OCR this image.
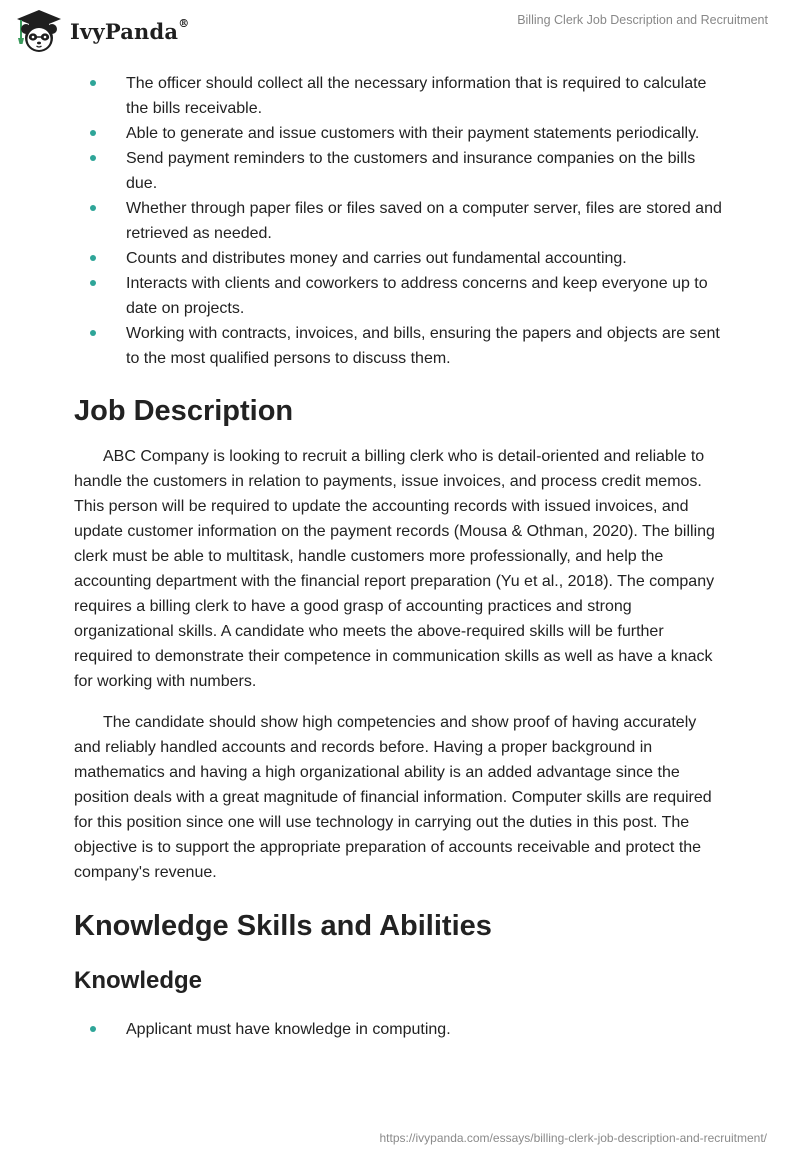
IvyPanda®	Billing Clerk Job Description and Recruitment
The officer should collect all the necessary information that is required to calculate the bills receivable.
Able to generate and issue customers with their payment statements periodically.
Send payment reminders to the customers and insurance companies on the bills due.
Whether through paper files or files saved on a computer server, files are stored and retrieved as needed.
Counts and distributes money and carries out fundamental accounting.
Interacts with clients and coworkers to address concerns and keep everyone up to date on projects.
Working with contracts, invoices, and bills, ensuring the papers and objects are sent to the most qualified persons to discuss them.
Job Description

ABC Company is looking to recruit a billing clerk who is detail-oriented and reliable to handle the customers in relation to payments, issue invoices, and process credit memos. This person will be required to update the accounting records with issued invoices, and update customer information on the payment records (Mousa & Othman, 2020). The billing clerk must be able to multitask, handle customers more professionally, and help the accounting department with the financial report preparation (Yu et al., 2018). The company requires a billing clerk to have a good grasp of accounting practices and strong organizational skills. A candidate who meets the above-required skills will be further required to demonstrate their competence in communication skills as well as have a knack for working with numbers.

The candidate should show high competencies and show proof of having accurately and reliably handled accounts and records before. Having a proper background in mathematics and having a high organizational ability is an added advantage since the position deals with a great magnitude of financial information. Computer skills are required for this position since one will use technology in carrying out the duties in this post. The objective is to support the appropriate preparation of accounts receivable and protect the company's revenue.

Knowledge Skills and Abilities
Knowledge
Applicant must have knowledge in computing.
https://ivypanda.com/essays/billing-clerk-job-description-and-recruitment/
